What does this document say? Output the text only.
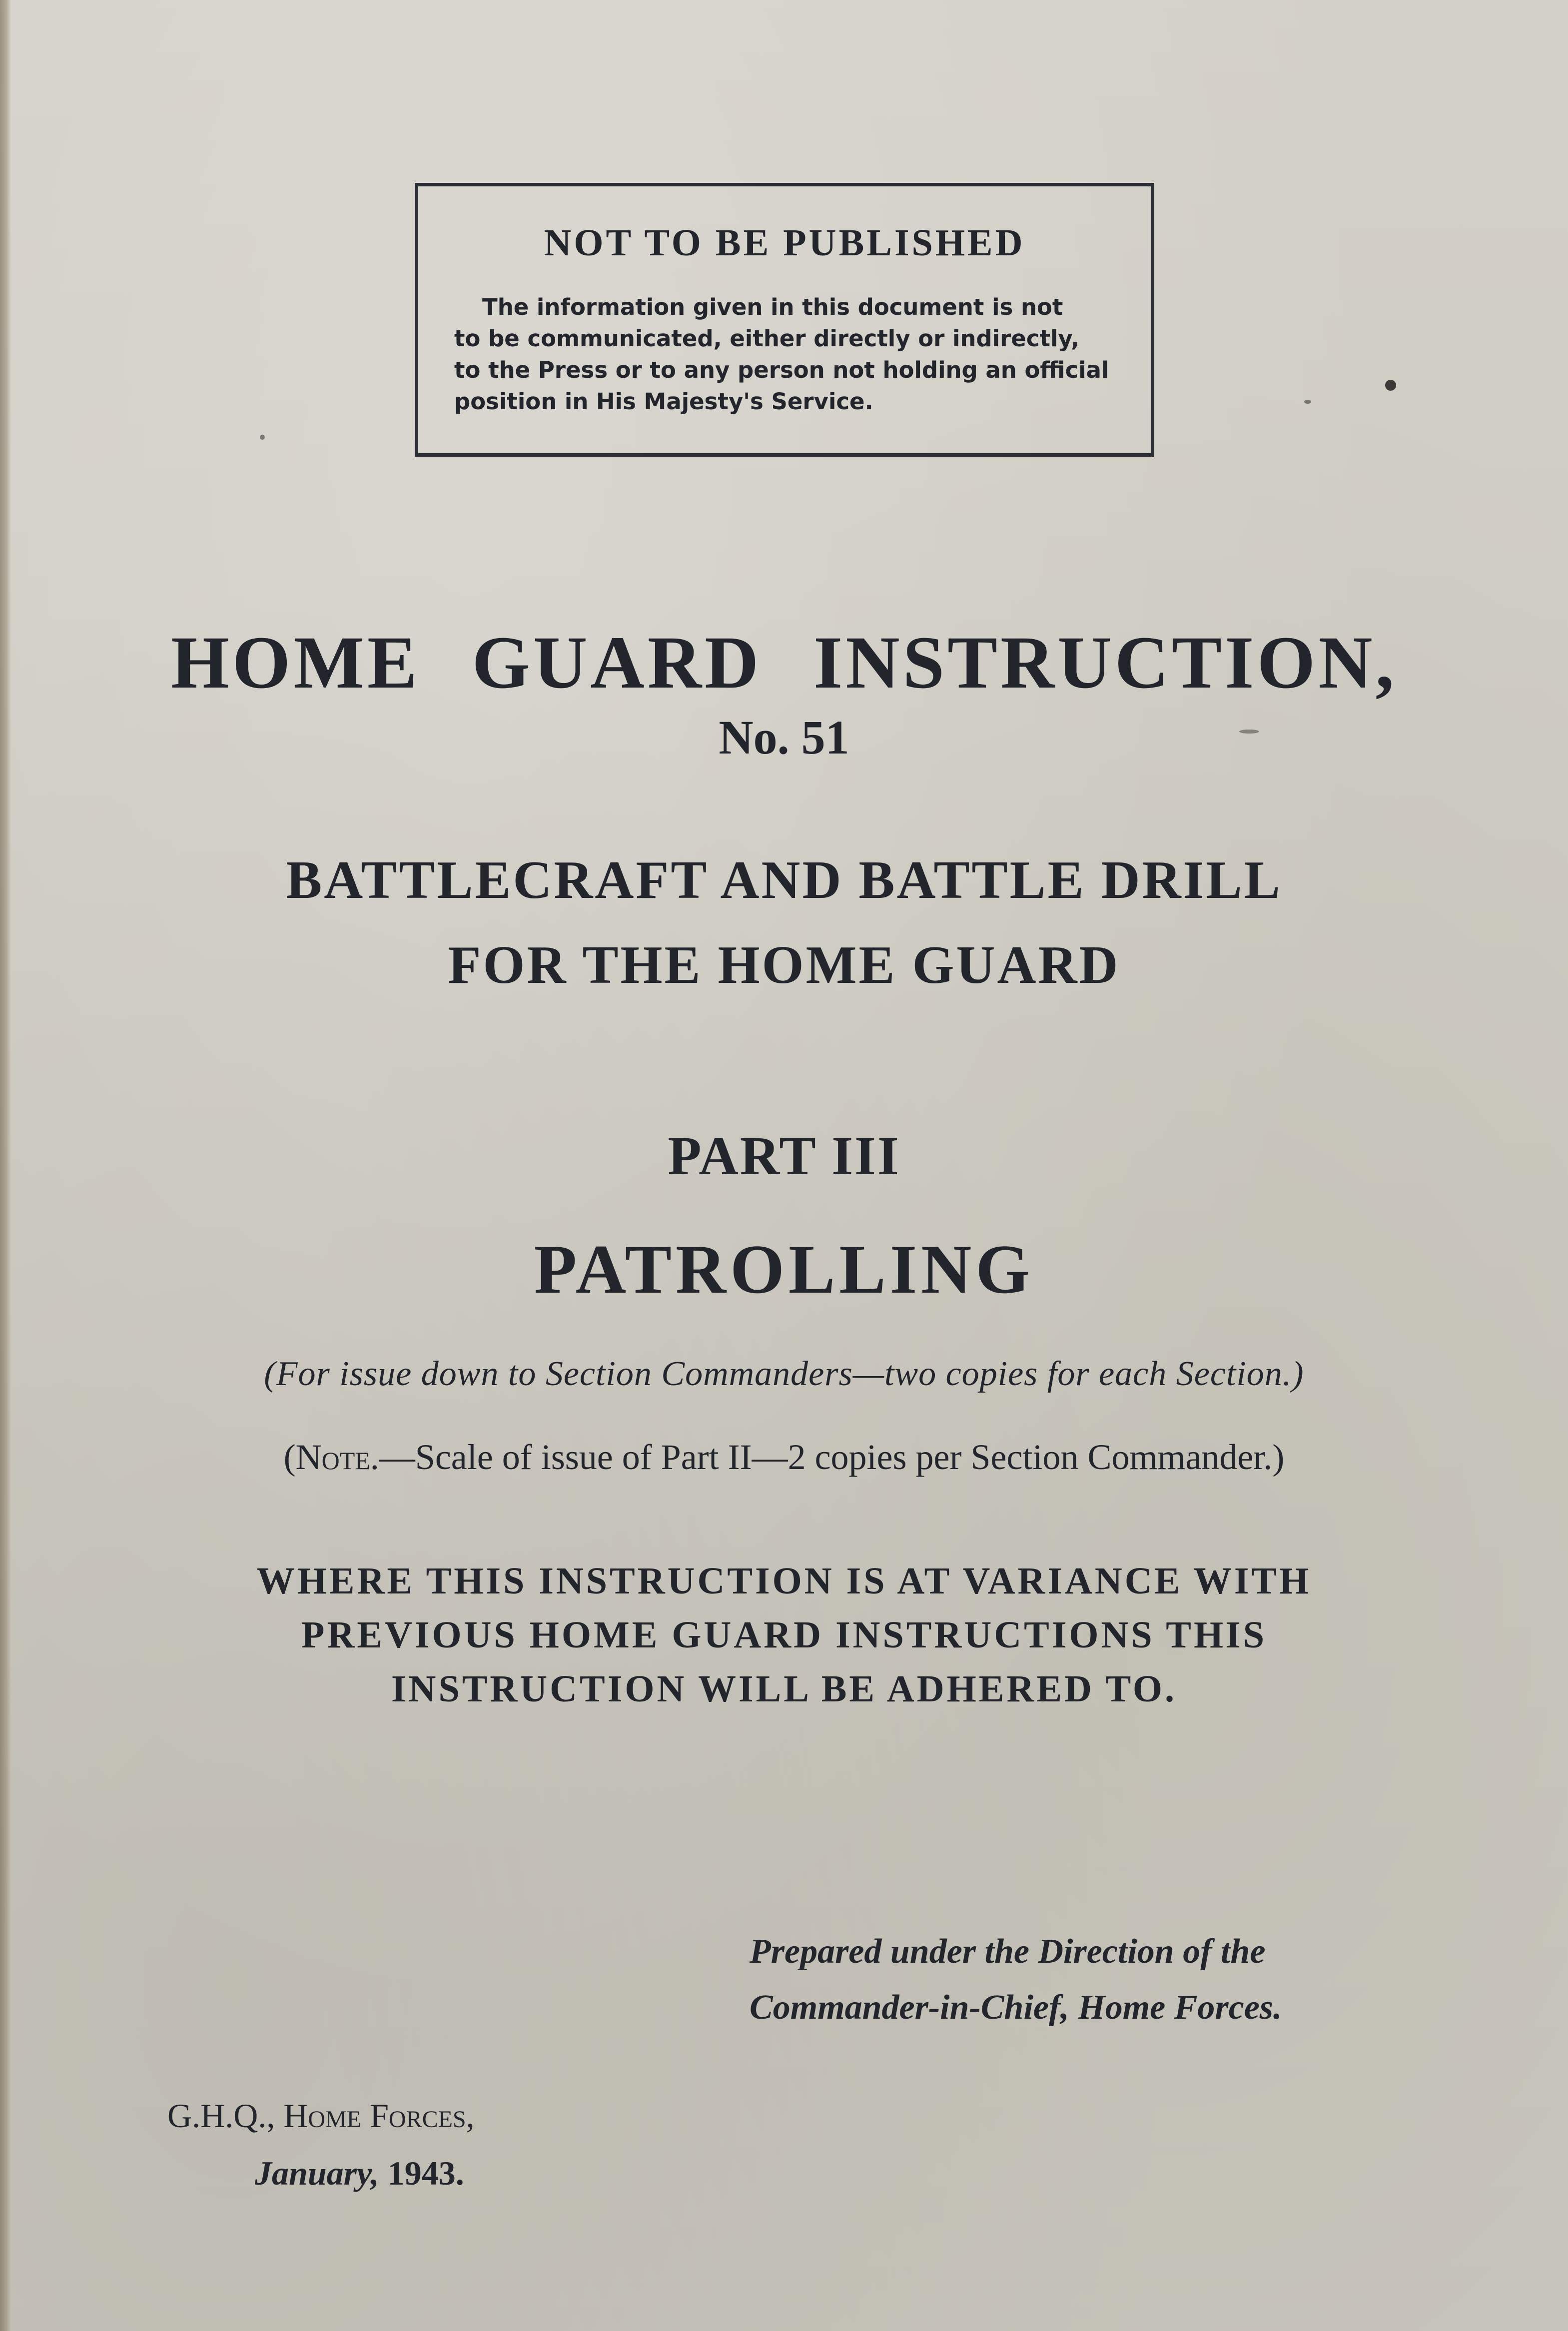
NOT TO BE PUBLISHED
The information given in this document is not
to be communicated, either directly or indirectly,
to the Press or to any person not holding an official
position in His Majesty's Service.
HOME GUARD INSTRUCTION,
No. 51
BATTLECRAFT AND BATTLE DRILL
FOR THE HOME GUARD
PART III
PATROLLING
(For issue down to Section Commanders—two copies for each Section.)
(Note.—Scale of issue of Part II—2 copies per Section Commander.)
WHERE THIS INSTRUCTION IS AT VARIANCE WITH
PREVIOUS HOME GUARD INSTRUCTIONS THIS
INSTRUCTION WILL BE ADHERED TO.
Prepared under the Direction of the
Commander-in-Chief, Home Forces.
G.H.Q., Home Forces,
January, 1943.
